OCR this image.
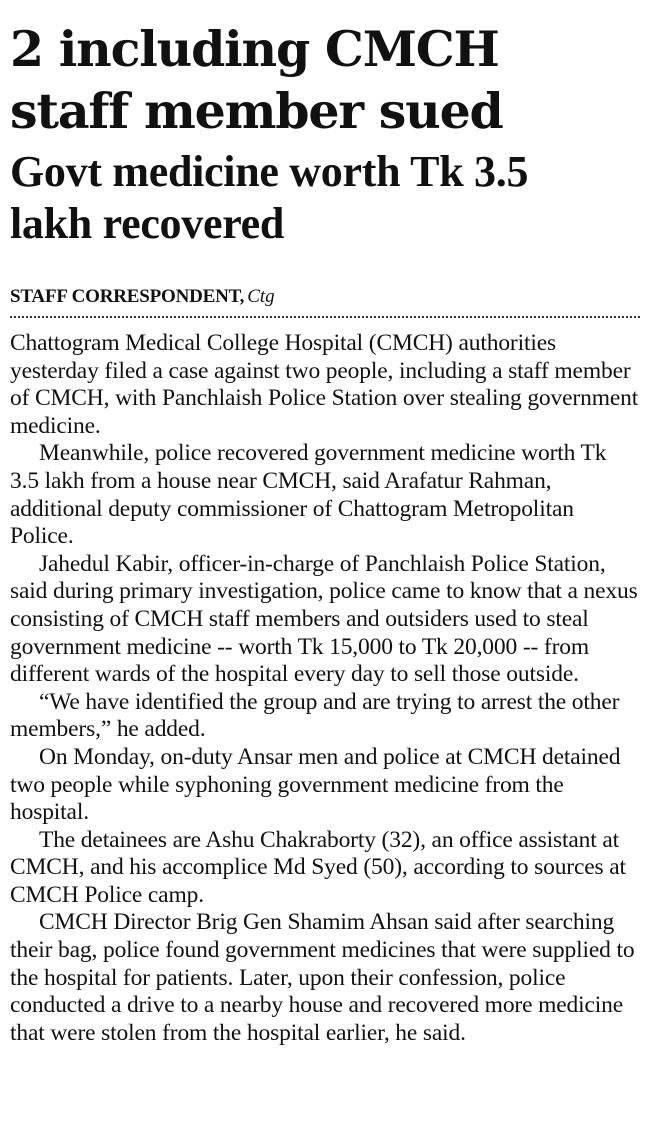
2 including CMCH
staff member sued
Govt medicine worth Tk 3.5
lakh recovered
STAFF CORRESPONDENT, Ctg

Chattogram Medical College Hospital (CMCH) authorities yesterday filed a case against two people, including a staff member of CMCH, with Panchlaish Police Station over stealing government medicine.

Meanwhile, police recovered government medicine worth Tk 3.5 lakh from a house near CMCH, said Arafatur Rahman, additional deputy commissioner of Chattogram Metropolitan Police.

Jahedul Kabir, officer-in-charge of Panchlaish Police Station, said during primary investigation, police came to know that a nexus consisting of CMCH staff members and outsiders used to steal government medicine -- worth Tk 15,000 to Tk 20,000 -- from different wards of the hospital every day to sell those outside.

“We have identified the group and are trying to arrest the other members,” he added.

On Monday, on-duty Ansar men and police at CMCH detained two people while syphoning government medicine from the hospital.

The detainees are Ashu Chakraborty (32), an office assistant at CMCH, and his accomplice Md Syed (50), according to sources at CMCH Police camp.

CMCH Director Brig Gen Shamim Ahsan said after searching their bag, police found government medicines that were supplied to the hospital for patients. Later, upon their confession, police conducted a drive to a nearby house and recovered more medicine that were stolen from the hospital earlier, he said.
